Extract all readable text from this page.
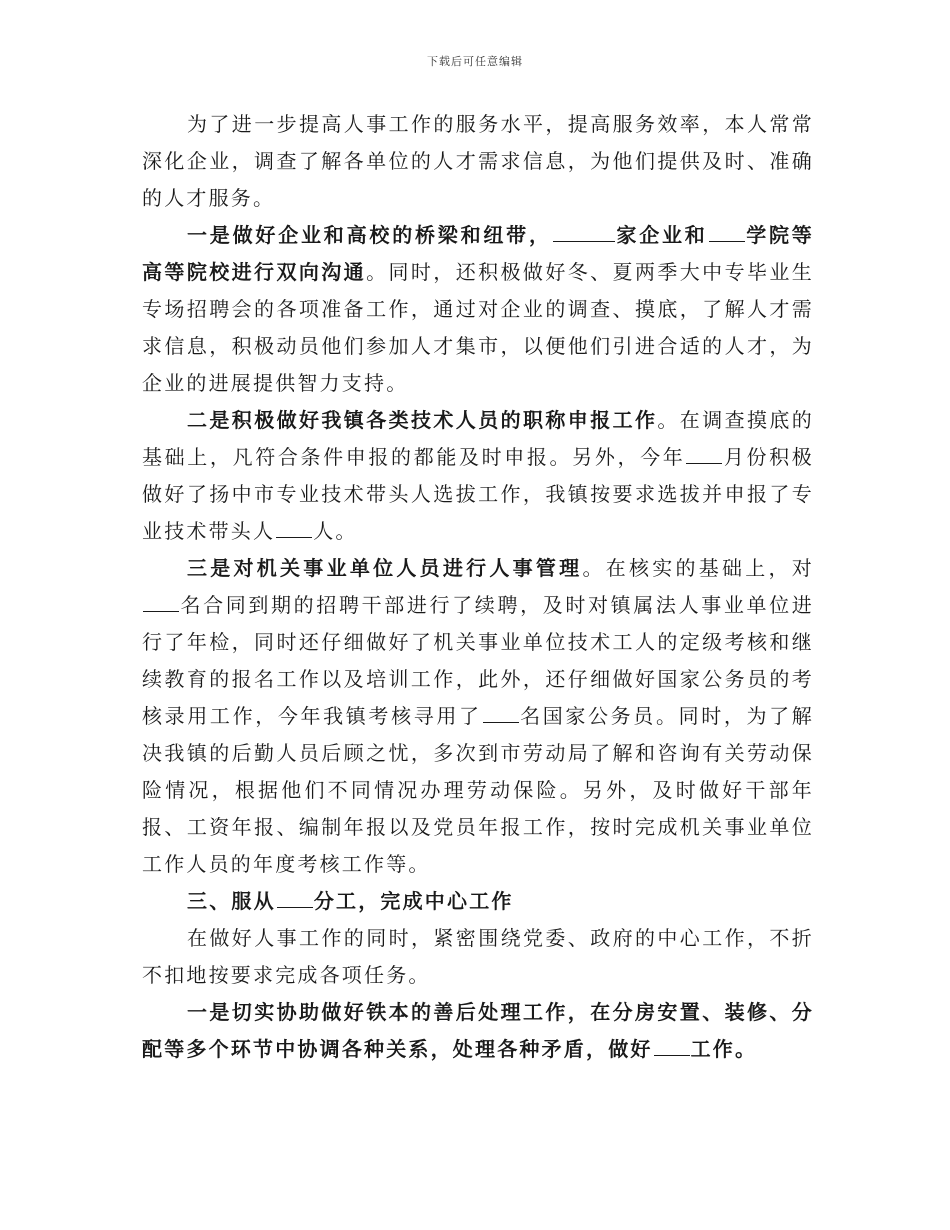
下载后可任意编辑

为了进一步提高人事工作的服务水平，提高服务效率，本人常常深化企业，调查了解各单位的人才需求信息，为他们提供及时、准确的人才服务。

一是做好企业和高校的桥梁和纽带，	家企业和 学院等高等院校进行双向沟通。同时，还积极做好冬、夏两季大中专毕业生专场招聘会的各项准备工作，通过对企业的调查、摸底，了解人才需求信息，积极动员他们参加人才集市，以便他们引进合适的人才，为企业的进展提供智力支持。

二是积极做好我镇各类技术人员的职称申报工作。在调查摸底的基础上，凡符合条件申报的都能及时申报。另外，今年 月份积极做好了扬中市专业技术带头人选拔工作，我镇按要求选拔并申报了专业技术带头人 人。

三是对机关事业单位人员进行人事管理。在核实的基础上，对名合同到期的招聘干部进行了续聘，及时对镇属法人事业单位进行了年检，同时还仔细做好了机关事业单位技术工人的定级考核和继续教育的报名工作以及培训工作，此外，还仔细做好国家公务员的考核录用工作，今年我镇考核寻用了 名国家公务员。同时，为了解决我镇的后勤人员后顾之忧，多次到市劳动局了解和咨询有关劳动保险情况，根据他们不同情况办理劳动保险。另外，及时做好干部年报、工资年报、编制年报以及党员年报工作，按时完成机关事业单位工作人员的年度考核工作等。

三、服从 分工，完成中心工作

在做好人事工作的同时，紧密围绕党委、政府的中心工作，不折不扣地按要求完成各项任务。

一是切实协助做好铁本的善后处理工作，在分房安置、装修、分配等多个环节中协调各种关系，处理各种矛盾，做好 工作。
